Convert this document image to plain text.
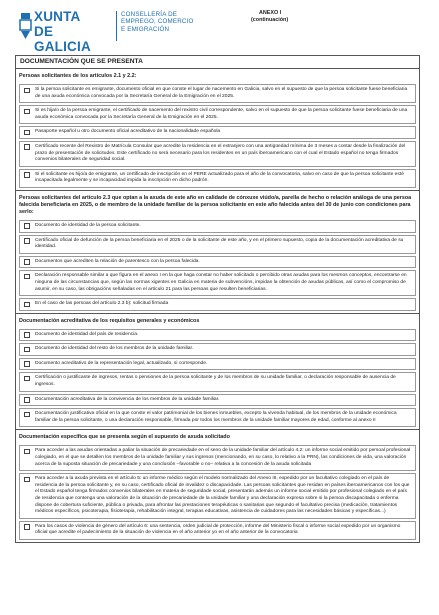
XUNTA
DE GALICIA
CONSELLERÍA DE
EMPREGO, COMERCIO
E EMIGRACIÓN
ANEXO I
(continuación)
DOCUMENTACIÓN QUE SE PRESENTA
Persoas solicitantes de los artículos 2.1 y 2.2:
Si la persoa solicitante es emigrante, documento oficial en que conste el lugar de nacemento en Galicia, salvo en el supuesto de que la persoa solicitante fuese beneficiaria de una axuda económica convocada por la Secretaría General de la Emigración en el 2025.
Si es hija/o de la persoa emigrante, el certificado de nacemento del rexistro civil correspondente, salvo en el supuesto de que la persoa solicitante fuese beneficiaria de una axuda económica convocada por la Secretaría General de la Emigración en el 2025.
Pasaporte español u otro documento oficial acreditativo de la nacionalidade española
Certificado recente del Rexistro de Matrícula Consular que acredite la residencia en el extranjero con una antigüedad mínima de 3 meses a contar desde la finalización del prazo de presentación de solicitudes. Este certificado no será necesario para los residentes en un país iberoamericano con el cual el Estado español no tenga firmados convenios bilaterales de seguridad social.
Si el solicitante es hijo/a de emigrante, un certificado de inscripción en el PERE actualizado para el año de la convocatoria, salvo en caso de que la persoa solicitante esté incapacitada legalmente y se incapacidad impida la inscripción en dicho padrón.
Persoas solicitantes del artículo 2.3 que optan a la axuda de este año en calidade de cónxuxe viúdo/a, parella de hecho o relación análoga de una persoa falecida beneficiaria en 2025, o de membro de la unidade familiar de la persoa solicitante en este año falecida antes del 30 de junio con condiciones para serlo:
Documento de identidad de la persoa solicitante.
Certificado oficial de defunción de la persoa beneficiaria en el 2025 o de la solicitante de este año, y en el primero supuesto, copia de la documentación acreditativa de su identidad.
Documentos que acrediten la relación de parentesco con la persoa falecida.
Declaración responsable similar a que figura en el anexo I en la que haga constar no haber solicitado o percibido otras axudas para los mesmos conceptos, encontrarse en ninguna de las circunstancias que, según las normas xigentes en Galicia en materia de subvencións, impidan la obtención de axudas públicas, así como el compromiso de asumir, en su caso, las obrigacións señaladas en el artículo 21 para las persoas que resulten beneficiarias.
En el caso de las persoas del artículo 2.3 b): solicitud firmada
Documentación acreditativa de los requisitos generales y económicos
Documento de identidad del país de residencia.
Documento de identidad del resto de los membros de la unidade familiar.
Documento acreditativo de la representación legal, actualizado, si corresponde.
Certificación o justificante de ingresos, rentas o pensiones de la persoa solicitante y de los membros de su unidade familiar, o declaración responsable de ausencia de ingresos.
Documentación acreditativa de la convivencia de los membros de la unidade familiar.
Documentación justificativa oficial en la que conste el valor patrimonial de los bienes inmuebles, excepto la vivenda habitual, de los membros de la unidade económica familiar de la persoa solicitante, o una declaración responsable, firmada por todos los membros de la unidade familiar mayores de edad, conforme al anexo II
Documentación específica que se presenta según el supuesto de axuda solicitado
Para acceder a las axudas orientadas a paliar la situación de precariedade en el seno de la unidade familiar del artículo 4.2: un informe social emitido por persoal profesional colegiado, en el que se detallen los membros de la unidade familiar y sus ingresos (mencionando, en su caso, lo relativo a la PRN), las condiciones de vida, una valoración acerca de la suposta situación de precariedade y una conclusión –favorable o no– relativa a la concesión de la axuda solicitada
Para acceder a la axuda prevista en el artículo 5: un informe médico según el modelo normalizado del Anexo III, expedido por un facultativo colegiado en el país de residencia de la persoa solicitante y, en su caso, certificado oficial de invalidez o discapacidade. Las persoas solicitantes que residan en países iberoamericanos con los que el Estado español tenga firmados convenios bilaterales en materia de seguridade social, presentarán además un informe social emitido por profesional colegiado en el país de residencia que contenga una valoración de la situación de precariedade de la unidade familiar y una declaración expresa sobre si la persoa discapacitada o enferma dispone de cobertura suficiente, pública o privada, para afrontar las prestaciones terapéuticas o sanitarias que segundo el facultativo precisa (medicación, tratamientos médicos específicos, psicoterapia, fisioterapia, rehabilitación integral, terapias educativas, asistencia de cuidadores para las necesidades básicas y específicas...)
Para los casos de violencia de género del artículo 6: una sentencia, orden judicial de protección, informe del Ministerio fiscal o informe social expedido por un organismo oficial que acredite el padecimiento de la situación de violencia en el año anterior yo en el año anterior de la convocatoria
